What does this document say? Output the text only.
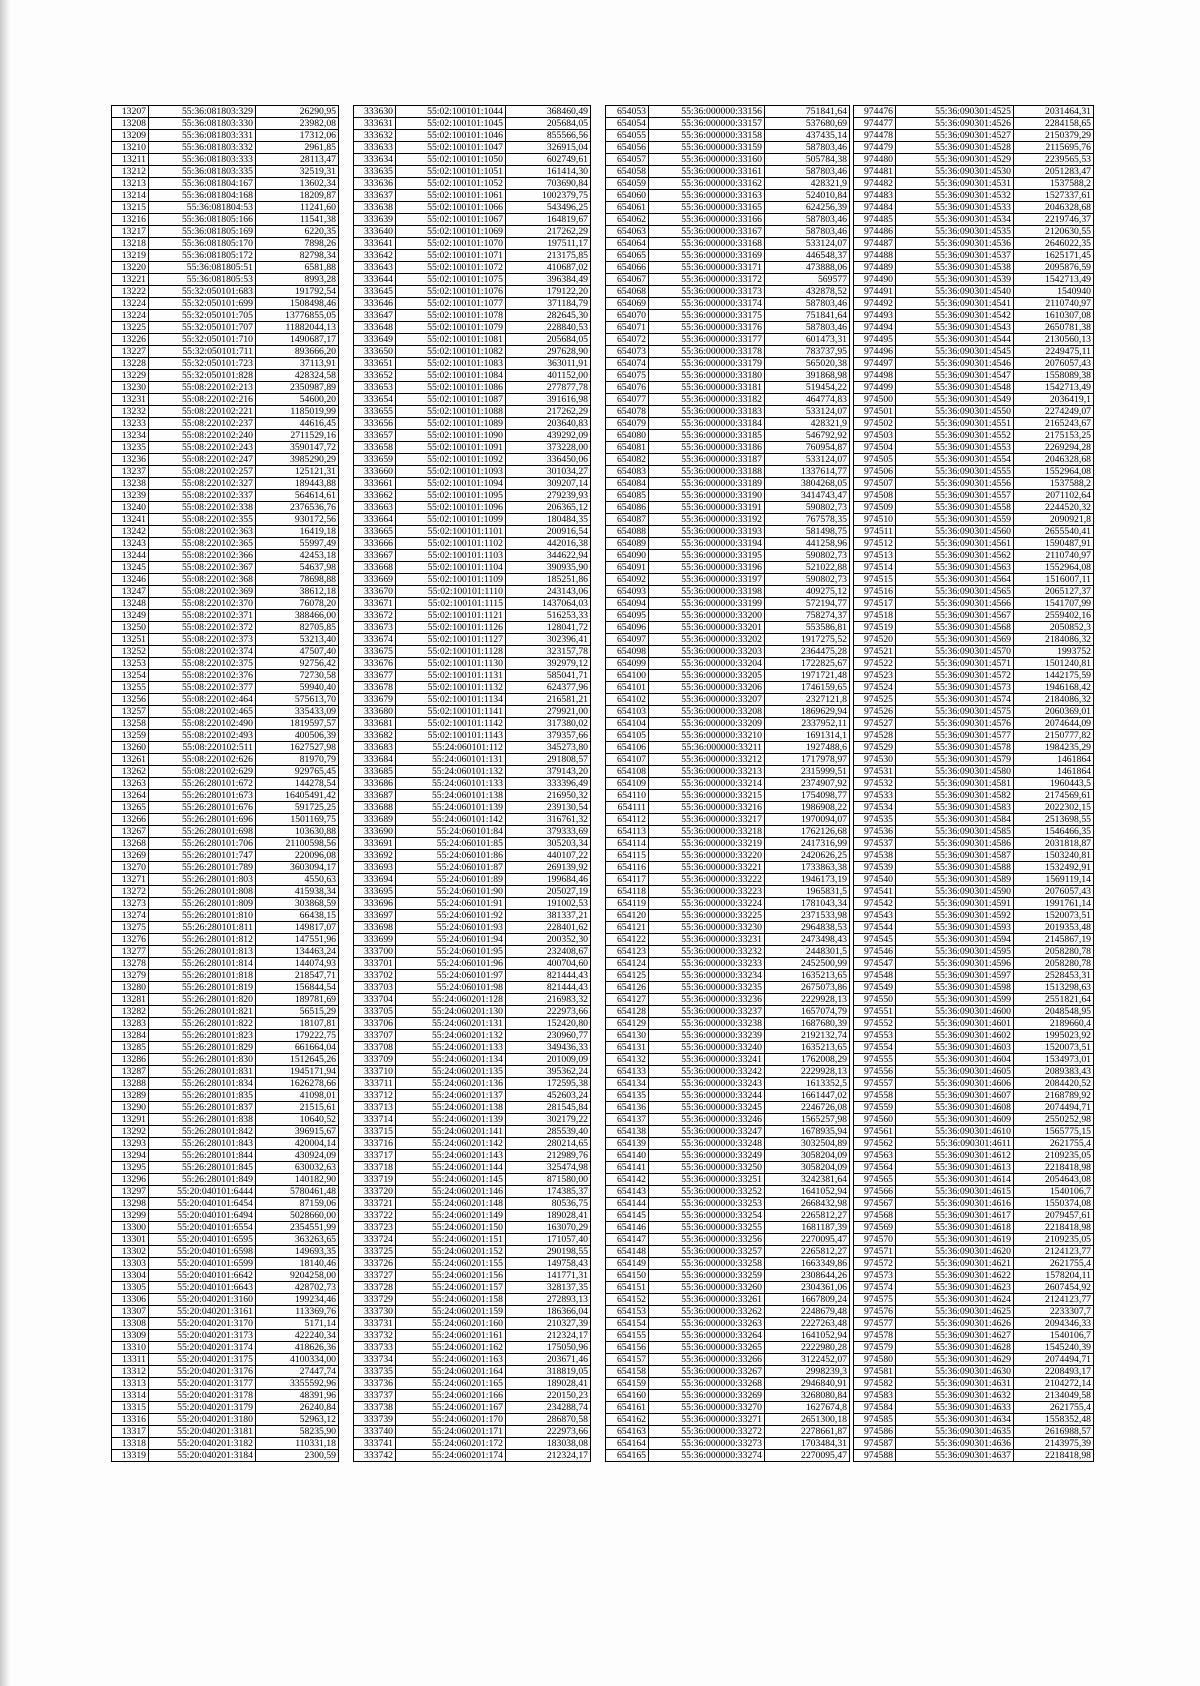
13207	55:36:081803:329	26290,95
13208	55:36:081803:330	23982,08
13209	55:36:081803:331	17312,06
13210	55:36:081803:332	2961,85
13211	55:36:081803:333	28113,47
13212	55:36:081803:335	32519,31
13213	55:36:081804:167	13602,34
13214	55:36:081804:168	18209,87
13215	55:36:081804:53	11241,60
13216	55:36:081805:166	11541,38
13217	55:36:081805:169	6220,35
13218	55:36:081805:170	7898,26
13219	55:36:081805:172	82798,34
13220	55:36:081805:51	6581,88
13221	55:36:081805:53	8993,28
13222	55:32:050101:683	191792,54
13224	55:32:050101:699	1508498,46
13224	55:32:050101:705	13776855,05
13225	55:32:050101:707	11882044,13
13226	55:32:050101:710	1490687,17
13227	55:32:050101:711	893666,20
13228	55:32:050101:723	37113,91
13229	55:32:050101:828	428324,58
13230	55:08:220102:213	2350987,89
13231	55:08:220102:216	54600,20
13232	55:08:220102:221	1185019,99
13233	55:08:220102:237	44616,45
13234	55:08:220102:240	2711529,16
13235	55:08:220102:243	3590147,72
13236	55:08:220102:247	3985290,29
13237	55:08:220102:257	125121,31
13238	55:08:220102:327	189443,88
13239	55:08:220102:337	564614,61
13240	55:08:220102:338	2376536,76
13241	55:08:220102:355	930172,56
13242	55:08:220102:363	16419,18
13243	55:08:220102:365	55997,49
13244	55:08:220102:366	42453,18
13245	55:08:220102:367	54637,98
13246	55:08:220102:368	78698,88
13247	55:08:220102:369	38612,18
13248	55:08:220102:370	76078,20
13249	55:08:220102:371	388466,00
13250	55:08:220102:372	82705,85
13251	55:08:220102:373	53213,40
13252	55:08:220102:374	47507,40
13253	55:08:220102:375	92756,42
13254	55:08:220102:376	72730,58
13255	55:08:220102:377	59940,40
13256	55:08:220102:464	575613,70
13257	55:08:220102:465	335433,09
13258	55:08:220102:490	1819597,57
13259	55:08:220102:493	400506,39
13260	55:08:220102:511	1627527,98
13261	55:08:220102:626	81970,79
13262	55:08:220102:629	929765,45
13263	55:26:280101:672	144278,54
13264	55:26:280101:673	16405491,42
13265	55:26:280101:676	591725,25
13266	55:26:280101:696	1501169,75
13267	55:26:280101:698	103630,88
13268	55:26:280101:706	21100598,56
13269	55:26:280101:747	220096,08
13270	55:26:280101:789	3603094,17
13271	55:26:280101:803	4550,63
13272	55:26:280101:808	415938,34
13273	55:26:280101:809	303868,59
13274	55:26:280101:810	66438,15
13275	55:26:280101:811	149817,07
13276	55:26:280101:812	147551,96
13277	55:26:280101:813	134463,24
13278	55:26:280101:814	144074,93
13279	55:26:280101:818	218547,71
13280	55:26:280101:819	156844,54
13281	55:26:280101:820	189781,69
13282	55:26:280101:821	56515,29
13283	55:26:280101:822	18107,81
13284	55:26:280101:823	179222,75
13285	55:26:280101:829	661664,04
13286	55:26:280101:830	1512645,26
13287	55:26:280101:831	1945171,94
13288	55:26:280101:834	1626278,66
13289	55:26:280101:835	41098,01
13290	55:26:280101:837	21515,61
13291	55:26:280101:838	10640,52
13292	55:26:280101:842	396915,67
13293	55:26:280101:843	420004,14
13294	55:26:280101:844	430924,09
13295	55:26:280101:845	630032,63
13296	55:26:280101:849	140182,90
13297	55:20:040101:6444	5780461,48
13298	55:20:040101:6454	87159,06
13299	55:20:040101:6494	5028660,00
13300	55:20:040101:6554	2354551,99
13301	55:20:040101:6595	363263,65
13302	55:20:040101:6598	149693,35
13303	55:20:040101:6599	18140,46
13304	55:20:040101:6642	9204258,00
13305	55:20:040101:6643	428702,73
13306	55:20:040201:3160	199234,46
13307	55:20:040201:3161	113369,76
13308	55:20:040201:3170	5171,14
13309	55:20:040201:3173	422240,34
13310	55:20:040201:3174	418626,36
13311	55:20:040201:3175	4100334,00
13312	55:20:040201:3176	27447,74
13313	55:20:040201:3177	3355592,96
13314	55:20:040201:3178	48391,96
13315	55:20:040201:3179	26240,84
13316	55:20:040201:3180	52963,12
13317	55:20:040201:3181	58235,90
13318	55:20:040201:3182	110331,18
13319	55:20:040201:3184	2300,59
333630	55:02:100101:1044	368460,49
333631	55:02:100101:1045	205684,05
333632	55:02:100101:1046	855566,56
333633	55:02:100101:1047	326915,04
333634	55:02:100101:1050	602749,61
333635	55:02:100101:1051	161414,30
333636	55:02:100101:1052	703690,84
333637	55:02:100101:1061	1002379,75
333638	55:02:100101:1066	543496,25
333639	55:02:100101:1067	164819,67
333640	55:02:100101:1069	217262,29
333641	55:02:100101:1070	197511,17
333642	55:02:100101:1071	213175,85
333643	55:02:100101:1072	410687,02
333644	55:02:100101:1075	396384,49
333645	55:02:100101:1076	179122,20
333646	55:02:100101:1077	371184,79
333647	55:02:100101:1078	282645,30
333648	55:02:100101:1079	228840,53
333649	55:02:100101:1081	205684,05
333650	55:02:100101:1082	297628,90
333651	55:02:100101:1083	363011,91
333652	55:02:100101:1084	401152,00
333653	55:02:100101:1086	277877,78
333654	55:02:100101:1087	391616,98
333655	55:02:100101:1088	217262,29
333656	55:02:100101:1089	203640,83
333657	55:02:100101:1090	439292,09
333658	55:02:100101:1091	373228,00
333659	55:02:100101:1092	336450,06
333660	55:02:100101:1093	301034,27
333661	55:02:100101:1094	309207,14
333662	55:02:100101:1095	279239,93
333663	55:02:100101:1096	206365,12
333664	55:02:100101:1099	180484,35
333665	55:02:100101:1101	200916,54
333666	55:02:100101:1102	442016,38
333667	55:02:100101:1103	344622,94
333668	55:02:100101:1104	390935,90
333669	55:02:100101:1109	185251,86
333670	55:02:100101:1110	243143,06
333671	55:02:100101:1115	1437064,03
333672	55:02:100101:1121	516253,33
333673	55:02:100101:1126	128041,72
333674	55:02:100101:1127	302396,41
333675	55:02:100101:1128	323157,78
333676	55:02:100101:1130	392979,12
333677	55:02:100101:1131	585041,71
333678	55:02:100101:1132	624377,96
333679	55:02:100101:1134	216581,21
333680	55:02:100101:1141	279921,00
333681	55:02:100101:1142	317380,02
333682	55:02:100101:1143	379357,66
333683	55:24:060101:112	345273,80
333684	55:24:060101:131	291808,57
333685	55:24:060101:132	379143,20
333686	55:24:060101:133	333396,49
333687	55:24:060101:138	216950,32
333688	55:24:060101:139	239130,54
333689	55:24:060101:142	316761,32
333690	55:24:060101:84	379333,69
333691	55:24:060101:85	305203,34
333692	55:24:060101:86	440107,22
333693	55:24:060101:87	269139,92
333694	55:24:060101:89	199684,46
333695	55:24:060101:90	205027,19
333696	55:24:060101:91	191002,53
333697	55:24:060101:92	381337,21
333698	55:24:060101:93	228401,62
333699	55:24:060101:94	200352,30
333700	55:24:060101:95	232408,67
333701	55:24:060101:96	400704,60
333702	55:24:060101:97	821444,43
333703	55:24:060101:98	821444,43
333704	55:24:060201:128	216983,32
333705	55:24:060201:130	222973,66
333706	55:24:060201:131	152420,80
333707	55:24:060201:132	230960,77
333708	55:24:060201:133	349436,33
333709	55:24:060201:134	201009,09
333710	55:24:060201:135	395362,24
333711	55:24:060201:136	172595,38
333712	55:24:060201:137	452603,24
333713	55:24:060201:138	281545,84
333714	55:24:060201:139	302179,22
333715	55:24:060201:141	285539,40
333716	55:24:060201:142	280214,65
333717	55:24:060201:143	212989,76
333718	55:24:060201:144	325474,98
333719	55:24:060201:145	871580,00
333720	55:24:060201:146	174385,37
333721	55:24:060201:148	80536,75
333722	55:24:060201:149	189028,41
333723	55:24:060201:150	163070,29
333724	55:24:060201:151	171057,40
333725	55:24:060201:152	290198,55
333726	55:24:060201:155	149758,43
333727	55:24:060201:156	141771,31
333728	55:24:060201:157	328137,35
333729	55:24:060201:158	272893,13
333730	55:24:060201:159	186366,04
333731	55:24:060201:160	210327,39
333732	55:24:060201:161	212324,17
333733	55:24:060201:162	175050,96
333734	55:24:060201:163	203671,46
333735	55:24:060201:164	318819,05
333736	55:24:060201:165	189028,41
333737	55:24:060201:166	220150,23
333738	55:24:060201:167	234288,74
333739	55:24:060201:170	286870,58
333740	55:24:060201:171	222973,66
333741	55:24:060201:172	183038,08
333742	55:24:060201:174	212324,17
654053	55:36:000000:33156	751841,64
654054	55:36:000000:33157	537680,69
654055	55:36:000000:33158	437435,14
654056	55:36:000000:33159	587803,46
654057	55:36:000000:33160	505784,38
654058	55:36:000000:33161	587803,46
654059	55:36:000000:33162	428321,9
654060	55:36:000000:33163	524010,84
654061	55:36:000000:33165	624256,39
654062	55:36:000000:33166	587803,46
654063	55:36:000000:33167	587803,46
654064	55:36:000000:33168	533124,07
654065	55:36:000000:33169	446548,37
654066	55:36:000000:33171	473888,06
654067	55:36:000000:33172	569577
654068	55:36:000000:33173	432878,52
654069	55:36:000000:33174	587803,46
654070	55:36:000000:33175	751841,64
654071	55:36:000000:33176	587803,46
654072	55:36:000000:33177	601473,31
654073	55:36:000000:33178	783737,95
654074	55:36:000000:33179	565020,38
654075	55:36:000000:33180	391868,98
654076	55:36:000000:33181	519454,22
654077	55:36:000000:33182	464774,83
654078	55:36:000000:33183	533124,07
654079	55:36:000000:33184	428321,9
654080	55:36:000000:33185	546792,92
654081	55:36:000000:33186	760954,87
654082	55:36:000000:33187	533124,07
654083	55:36:000000:33188	1337614,77
654084	55:36:000000:33189	3804268,05
654085	55:36:000000:33190	3414743,47
654086	55:36:000000:33191	590802,73
654087	55:36:000000:33192	767578,35
654088	55:36:000000:33193	581498,75
654089	55:36:000000:33194	441258,96
654090	55:36:000000:33195	590802,73
654091	55:36:000000:33196	521022,88
654092	55:36:000000:33197	590802,73
654093	55:36:000000:33198	409275,12
654094	55:36:000000:33199	572194,77
654095	55:36:000000:33200	758274,37
654096	55:36:000000:33201	553586,81
654097	55:36:000000:33202	1917275,52
654098	55:36:000000:33203	2364475,28
654099	55:36:000000:33204	1722825,67
654100	55:36:000000:33205	1971721,48
654101	55:36:000000:33206	1746159,65
654102	55:36:000000:33207	2327121,8
654103	55:36:000000:33208	1869629,94
654104	55:36:000000:33209	2337952,11
654105	55:36:000000:33210	1691314,1
654106	55:36:000000:33211	1927488,6
654107	55:36:000000:33212	1717978,97
654108	55:36:000000:33213	2315999,51
654109	55:36:000000:33214	2374907,92
654110	55:36:000000:33215	1754098,77
654111	55:36:000000:33216	1986908,22
654112	55:36:000000:33217	1970094,07
654113	55:36:000000:33218	1762126,68
654114	55:36:000000:33219	2417316,99
654115	55:36:000000:33220	2420626,25
654116	55:36:000000:33221	1733863,38
654117	55:36:000000:33222	1946173,19
654118	55:36:000000:33223	1965831,5
654119	55:36:000000:33224	1781043,34
654120	55:36:000000:33225	2371533,98
654121	55:36:000000:33230	2964838,53
654122	55:36:000000:33231	2473498,43
654123	55:36:000000:33232	2448301,5
654124	55:36:000000:33233	2452500,99
654125	55:36:000000:33234	1635213,65
654126	55:36:000000:33235	2675073,86
654127	55:36:000000:33236	2229928,13
654128	55:36:000000:33237	1657074,79
654129	55:36:000000:33238	1687680,39
654130	55:36:000000:33239	2192132,74
654131	55:36:000000:33240	1635213,65
654132	55:36:000000:33241	1762008,29
654133	55:36:000000:33242	2229928,13
654134	55:36:000000:33243	1613352,5
654135	55:36:000000:33244	1661447,02
654136	55:36:000000:33245	2246726,08
654137	55:36:000000:33246	1565257,98
654138	55:36:000000:33247	1678935,94
654139	55:36:000000:33248	3032504,89
654140	55:36:000000:33249	3058204,09
654141	55:36:000000:33250	3058204,09
654142	55:36:000000:33251	3242381,64
654143	55:36:000000:33252	1641052,94
654144	55:36:000000:33253	2668432,98
654145	55:36:000000:33254	2265812,27
654146	55:36:000000:33255	1681187,39
654147	55:36:000000:33256	2270095,47
654148	55:36:000000:33257	2265812,27
654149	55:36:000000:33258	1663349,86
654150	55:36:000000:33259	2308644,26
654151	55:36:000000:33260	2304361,06
654152	55:36:000000:33261	1667809,24
654153	55:36:000000:33262	2248679,48
654154	55:36:000000:33263	2227263,48
654155	55:36:000000:33264	1641052,94
654156	55:36:000000:33265	2222980,28
654157	55:36:000000:33266	3122452,07
654158	55:36:000000:33267	2998239,3
654159	55:36:000000:33268	2946840,91
654160	55:36:000000:33269	3268080,84
654161	55:36:000000:33270	1627674,8
654162	55:36:000000:33271	2651300,18
654163	55:36:000000:33272	2278661,87
654164	55:36:000000:33273	1703484,31
654165	55:36:000000:33274	2270095,47
974476	55:36:090301:4525	2031464,31
974477	55:36:090301:4526	2284158,65
974478	55:36:090301:4527	2150379,29
974479	55:36:090301:4528	2115695,76
974480	55:36:090301:4529	2239565,53
974481	55:36:090301:4530	2051283,47
974482	55:36:090301:4531	1537588,2
974483	55:36:090301:4532	1527337,61
974484	55:36:090301:4533	2046328,68
974485	55:36:090301:4534	2219746,37
974486	55:36:090301:4535	2120630,55
974487	55:36:090301:4536	2646022,35
974488	55:36:090301:4537	1625171,45
974489	55:36:090301:4538	2095876,59
974490	55:36:090301:4539	1542713,49
974491	55:36:090301:4540	1540940
974492	55:36:090301:4541	2110740,97
974493	55:36:090301:4542	1610307,08
974494	55:36:090301:4543	2650781,38
974495	55:36:090301:4544	2130560,13
974496	55:36:090301:4545	2249475,11
974497	55:36:090301:4546	2076057,43
974498	55:36:090301:4547	1558089,38
974499	55:36:090301:4548	1542713,49
974500	55:36:090301:4549	2036419,1
974501	55:36:090301:4550	2274249,07
974502	55:36:090301:4551	2165243,67
974503	55:36:090301:4552	2175153,25
974504	55:36:090301:4553	2269294,28
974505	55:36:090301:4554	2046328,68
974506	55:36:090301:4555	1552964,08
974507	55:36:090301:4556	1537588,2
974508	55:36:090301:4557	2071102,64
974509	55:36:090301:4558	2244520,32
974510	55:36:090301:4559	2090921,8
974511	55:36:090301:4560	2655540,41
974512	55:36:090301:4561	1590487,91
974513	55:36:090301:4562	2110740,97
974514	55:36:090301:4563	1552964,08
974515	55:36:090301:4564	1516007,11
974516	55:36:090301:4565	2065127,37
974517	55:36:090301:4566	1541707,99
974518	55:36:090301:4567	2559402,16
974519	55:36:090301:4568	2050852,3
974520	55:36:090301:4569	2184086,32
974521	55:36:090301:4570	1993752
974522	55:36:090301:4571	1501240,81
974523	55:36:090301:4572	1442175,59
974524	55:36:090301:4573	1946168,42
974525	55:36:090301:4574	2184086,32
974526	55:36:090301:4575	2060369,01
974527	55:36:090301:4576	2074644,09
974528	55:36:090301:4577	2150777,82
974529	55:36:090301:4578	1984235,29
974530	55:36:090301:4579	1461864
974531	55:36:090301:4580	1461864
974532	55:36:090301:4581	1960443,5
974533	55:36:090301:4582	2174569,61
974534	55:36:090301:4583	2022302,15
974535	55:36:090301:4584	2513698,55
974536	55:36:090301:4585	1546466,35
974537	55:36:090301:4586	2031818,87
974538	55:36:090301:4587	1503240,81
974539	55:36:090301:4588	1532492,91
974540	55:36:090301:4589	1569119,14
974541	55:36:090301:4590	2076057,43
974542	55:36:090301:4591	1991761,14
974543	55:36:090301:4592	1520073,51
974544	55:36:090301:4593	2019353,48
974545	55:36:090301:4594	2145867,19
974546	55:36:090301:4595	2058280,78
974547	55:36:090301:4596	2058280,78
974548	55:36:090301:4597	2528453,31
974549	55:36:090301:4598	1513298,63
974550	55:36:090301:4599	2551821,64
974551	55:36:090301:4600	2048548,95
974552	55:36:090301:4601	2189660,4
974553	55:36:090301:4602	1995023,92
974554	55:36:090301:4603	1520073,51
974555	55:36:090301:4604	1534973,01
974556	55:36:090301:4605	2089383,43
974557	55:36:090301:4606	2084420,52
974558	55:36:090301:4607	2168789,92
974559	55:36:090301:4608	2074494,71
974560	55:36:090301:4609	2550252,98
974561	55:36:090301:4610	1565775,15
974562	55:36:090301:4611	2621755,4
974563	55:36:090301:4612	2109235,05
974564	55:36:090301:4613	2218418,98
974565	55:36:090301:4614	2054643,08
974566	55:36:090301:4615	1540106,7
974567	55:36:090301:4616	1550374,08
974568	55:36:090301:4617	2079457,61
974569	55:36:090301:4618	2218418,98
974570	55:36:090301:4619	2109235,05
974571	55:36:090301:4620	2124123,77
974572	55:36:090301:4621	2621755,4
974573	55:36:090301:4622	1578204,11
974574	55:36:090301:4623	2607454,92
974575	55:36:090301:4624	2124123,77
974576	55:36:090301:4625	2233307,7
974577	55:36:090301:4626	2094346,33
974578	55:36:090301:4627	1540106,7
974579	55:36:090301:4628	1545240,39
974580	55:36:090301:4629	2074494,71
974581	55:36:090301:4630	2208493,17
974582	55:36:090301:4631	2104272,14
974583	55:36:090301:4632	2134049,58
974584	55:36:090301:4633	2621755,4
974585	55:36:090301:4634	1558352,48
974586	55:36:090301:4635	2616988,57
974587	55:36:090301:4636	2143975,39
974588	55:36:090301:4637	2218418,98
